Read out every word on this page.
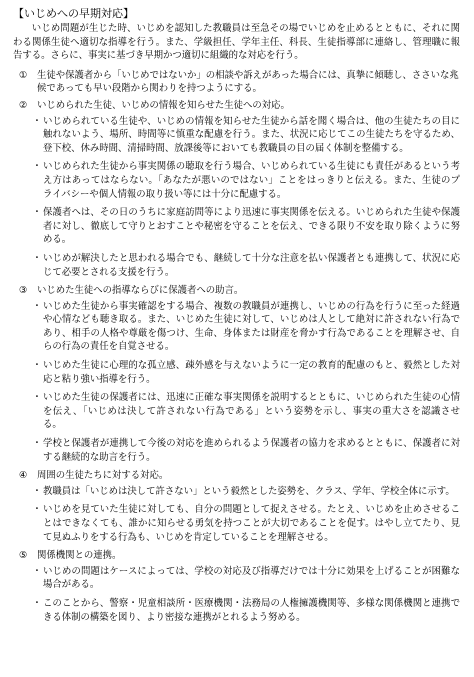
【いじめへの早期対応】
いじめ問題が生じた時、いじめを認知した教職員は至急その場でいじめを止めるとともに、それに関わる関係生徒へ適切な指導を行う。また、学級担任、学年主任、科長、生徒指導部に連絡し、管理職に報告する。さらに、事実に基づき早期かつ適切に組織的な対応を行う。
①	生徒や保護者から「いじめではないか」の相談や訴えがあった場合には、真摯に傾聴し、ささいな兆候であっても早い段階から関わりを持つようにする。
②	いじめられた生徒、いじめの情報を知らせた生徒への対応。
・ いじめられている生徒や、いじめの情報を知らせた生徒から話を聞く場合は、他の生徒たちの目に触れないよう、場所、時間等に慎重な配慮を行う。また、状況に応じてこの生徒たちを守るため、登下校、休み時間、清掃時間、放課後等においても教職員の目の届く体制を整備する。
・ いじめられた生徒から事実関係の聴取を行う場合、いじめられている生徒にも責任があるという考え方はあってはならない。「あなたが悪いのではない」ことをはっきりと伝える。また、生徒のプライバシーや個人情報の取り扱い等には十分に配慮する。
・ 保護者へは、その日のうちに家庭訪問等により迅速に事実関係を伝える。いじめられた生徒や保護者に対し、徹底して守りとおすことや秘密を守ることを伝え、できる限り不安を取り除くように努める。
・ いじめが解決したと思われる場合でも、継続して十分な注意を払い保護者とも連携して、状況に応じて必要とされる支援を行う。
③	いじめた生徒への指導ならびに保護者への助言。
・ いじめた生徒から事実確認をする場合、複数の教職員が連携し、いじめの行為を行うに至った経過や心情なども聴き取る。また、いじめた生徒に対して、いじめは人として絶対に許されない行為であり、相手の人格や尊厳を傷つけ、生命、身体または財産を脅かす行為であることを理解させ、自らの行為の責任を自覚させる。
・ いじめた生徒に心理的な孤立感、疎外感を与えないように一定の教育的配慮のもと、毅然とした対応と粘り強い指導を行う。
・ いじめた生徒の保護者には、迅速に正確な事実関係を説明するとともに、いじめられた生徒の心情を伝え、「いじめは決して許されない行為である」という姿勢を示し、事実の重大さを認識させる。
・ 学校と保護者が連携して今後の対応を進められるよう保護者の協力を求めるとともに、保護者に対する継続的な助言を行う。
④	周囲の生徒たちに対する対応。
・ 教職員は「いじめは決して許さない」という毅然とした姿勢を、クラス、学年、学校全体に示す。
・ いじめを見ていた生徒に対しても、自分の問題として捉えさせる。たとえ、いじめを止めさせることはできなくても、誰かに知らせる勇気を持つことが大切であることを促す。はやし立てたり、見て見ぬふりをする行為も、いじめを肯定していることを理解させる。
⑤	関係機関との連携。
・ いじめの問題はケースによっては、学校の対応及び指導だけでは十分に効果を上げることが困難な場合がある。
・ このことから、警察・児童相談所・医療機関・法務局の人権擁護機関等、多様な関係機関と連携できる体制の構築を図り、より密接な連携がとれるよう努める。
